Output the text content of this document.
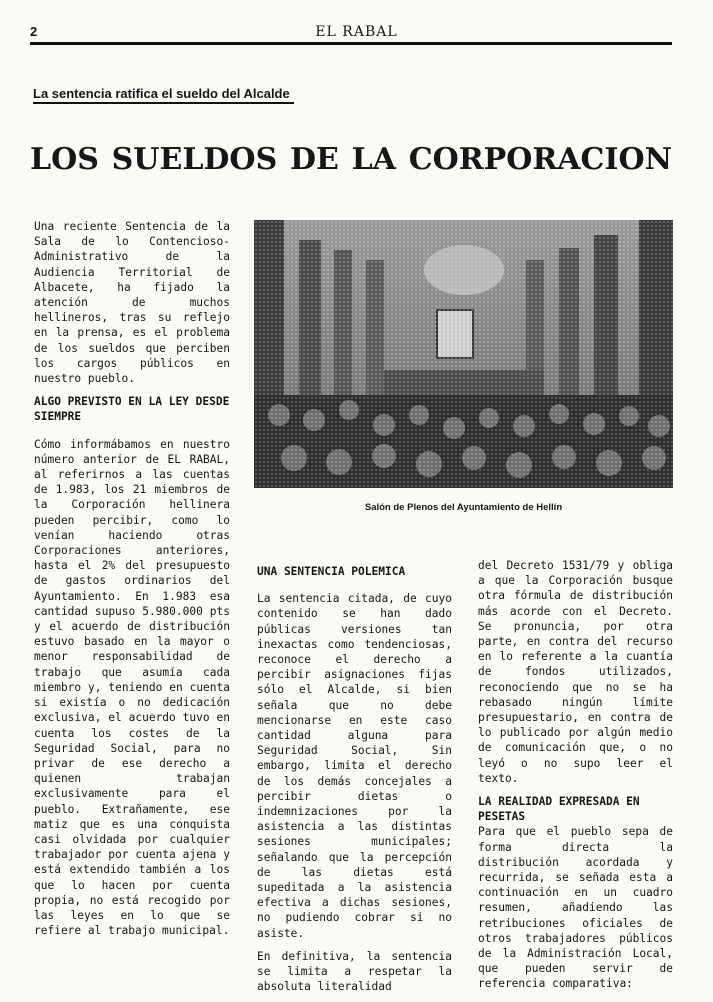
2	EL RABAL
La sentencia ratifica el sueldo del Alcalde
LOS SUELDOS DE LA CORPORACION

Una reciente Sentencia de la Sala de lo Contencioso-Administrativo de la Audiencia Territorial de Albacete, ha fijado la atención de muchos hellineros, tras su reflejo en la prensa, es el problema de los sueldos que perciben los cargos públicos en nuestro pueblo.

ALGO PREVISTO EN LA LEY DESDE SIEMPRE

Cómo informábamos en nuestro número anterior de EL RABAL, al referirnos a las cuentas de 1.983, los 21 miembros de la Corporación hellinera pueden percibir, como lo venían haciendo otras Corporaciones anteriores, hasta el 2% del presupuesto de gastos ordinarios del Ayuntamiento. En 1.983 esa cantidad supuso 5.980.000 pts y el acuerdo de distribución estuvo basado en la mayor o menor responsabilidad de trabajo que asumía cada miembro y, teniendo en cuenta si existía o no dedicación exclusiva, el acuerdo tuvo en cuenta los costes de la Seguridad Social, para no privar de ese derecho a quienen trabajan exclusivamente para el pueblo. Extrañamente, ese matiz que es una conquista casi olvidada por cualquier trabajador por cuenta ajena y está extendido también a los que lo hacen por cuenta propia, no está recogido por las leyes en lo que se refiere al trabajo municipal.

Salón de Plenos del Ayuntamiento de Hellín
UNA SENTENCIA POLEMICA

La sentencia citada, de cuyo contenido se han dado públicas versiones tan inexactas como tendenciosas, reconoce el derecho a percibir asignaciones fijas sólo el Alcalde, si bien señala que no debe mencionarse en este caso cantidad alguna para Seguridad Social, Sin embargo, limita el derecho de los demás concejales a percibir dietas o indemnizaciones por la asistencia a las distintas sesiones municipales; señalando que la percepción de las dietas está supeditada a la asistencia efectiva a dichas sesiones, no pudiendo cobrar si no asiste.

En definitiva, la sentencia se limita a respetar la absoluta literalidad

del Decreto 1531/79 y obliga a que la Corporación busque otra fórmula de distribución más acorde con el Decreto. Se pronuncia, por otra parte, en contra del recurso en lo referente a la cuantía de fondos utilizados, reconociendo que no se ha rebasado ningún límite presupuestario, en contra de lo publicado por algún medio de comunicación que, o no leyó o no supo leer el texto.

LA REALIDAD EXPRESADA EN PESETAS

Para que el pueblo sepa de forma directa la distribución acordada y recurrida, se señada esta a continuación en un cuadro resumen, añadiendo las retribuciones oficiales de otros trabajadores públicos de la Administración Local, que pueden servir de referencia comparativa:
